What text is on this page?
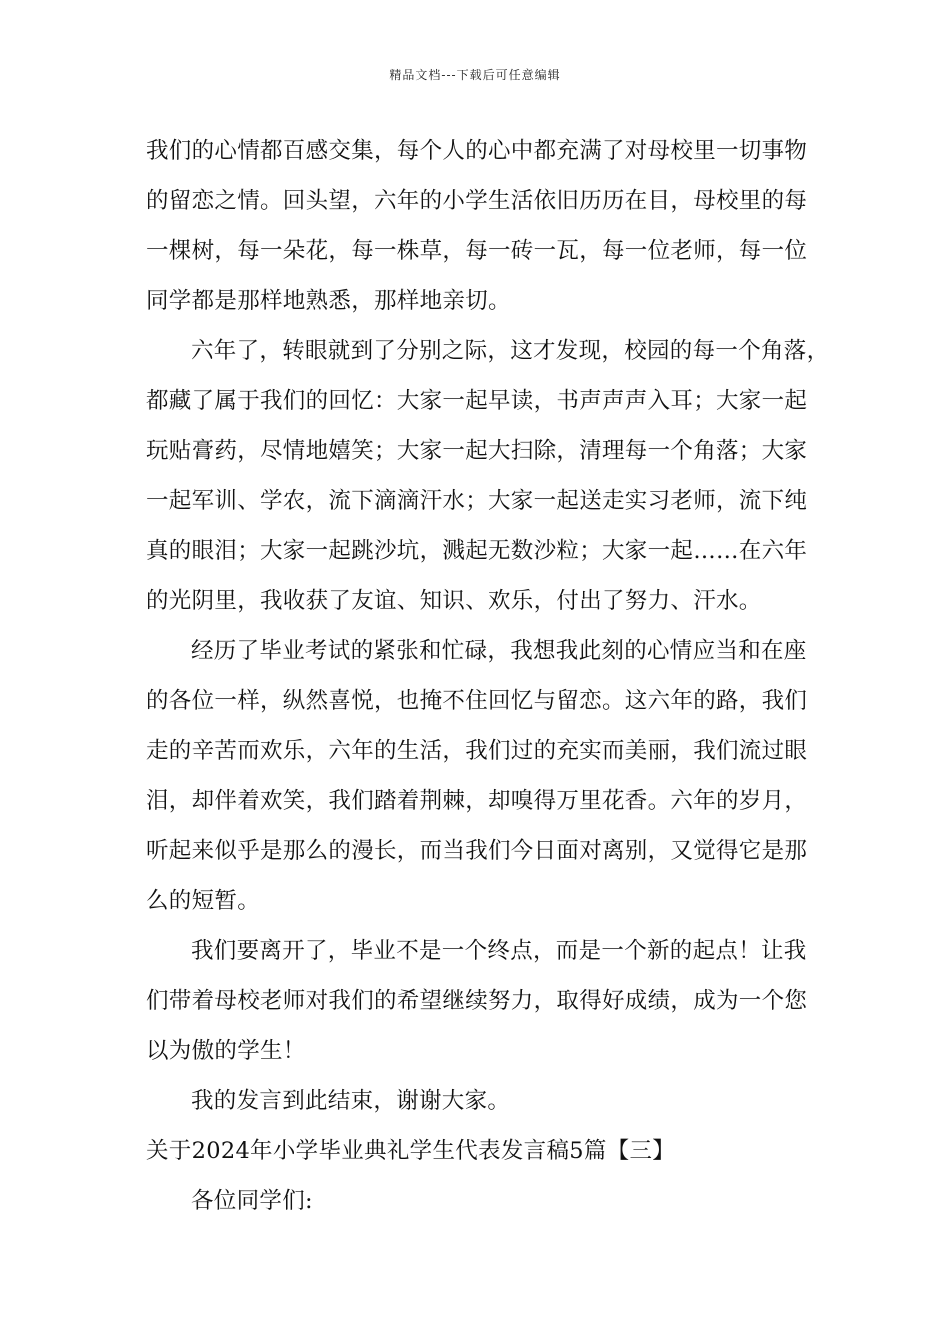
精品文档---下载后可任意编辑
我们的心情都百感交集，每个人的心中都充满了对母校里一切事物
的留恋之情。回头望，六年的小学生活依旧历历在目，母校里的每
一棵树，每一朵花，每一株草，每一砖一瓦，每一位老师，每一位
同学都是那样地熟悉，那样地亲切。
六年了，转眼就到了分别之际，这才发现，校园的每一个角落，
都藏了属于我们的回忆：大家一起早读，书声声声入耳；大家一起
玩贴膏药，尽情地嬉笑；大家一起大扫除，清理每一个角落；大家
一起军训、学农，流下滴滴汗水；大家一起送走实习老师，流下纯
真的眼泪；大家一起跳沙坑，溅起无数沙粒；大家一起……在六年
的光阴里，我收获了友谊、知识、欢乐，付出了努力、汗水。
经历了毕业考试的紧张和忙碌，我想我此刻的心情应当和在座
的各位一样，纵然喜悦，也掩不住回忆与留恋。这六年的路，我们
走的辛苦而欢乐，六年的生活，我们过的充实而美丽，我们流过眼
泪，却伴着欢笑，我们踏着荆棘，却嗅得万里花香。六年的岁月，
听起来似乎是那么的漫长，而当我们今日面对离别，又觉得它是那
么的短暂。
我们要离开了，毕业不是一个终点，而是一个新的起点！让我
们带着母校老师对我们的希望继续努力，取得好成绩，成为一个您
以为傲的学生！
我的发言到此结束，谢谢大家。
关于2024年小学毕业典礼学生代表发言稿5篇【三】
各位同学们:
